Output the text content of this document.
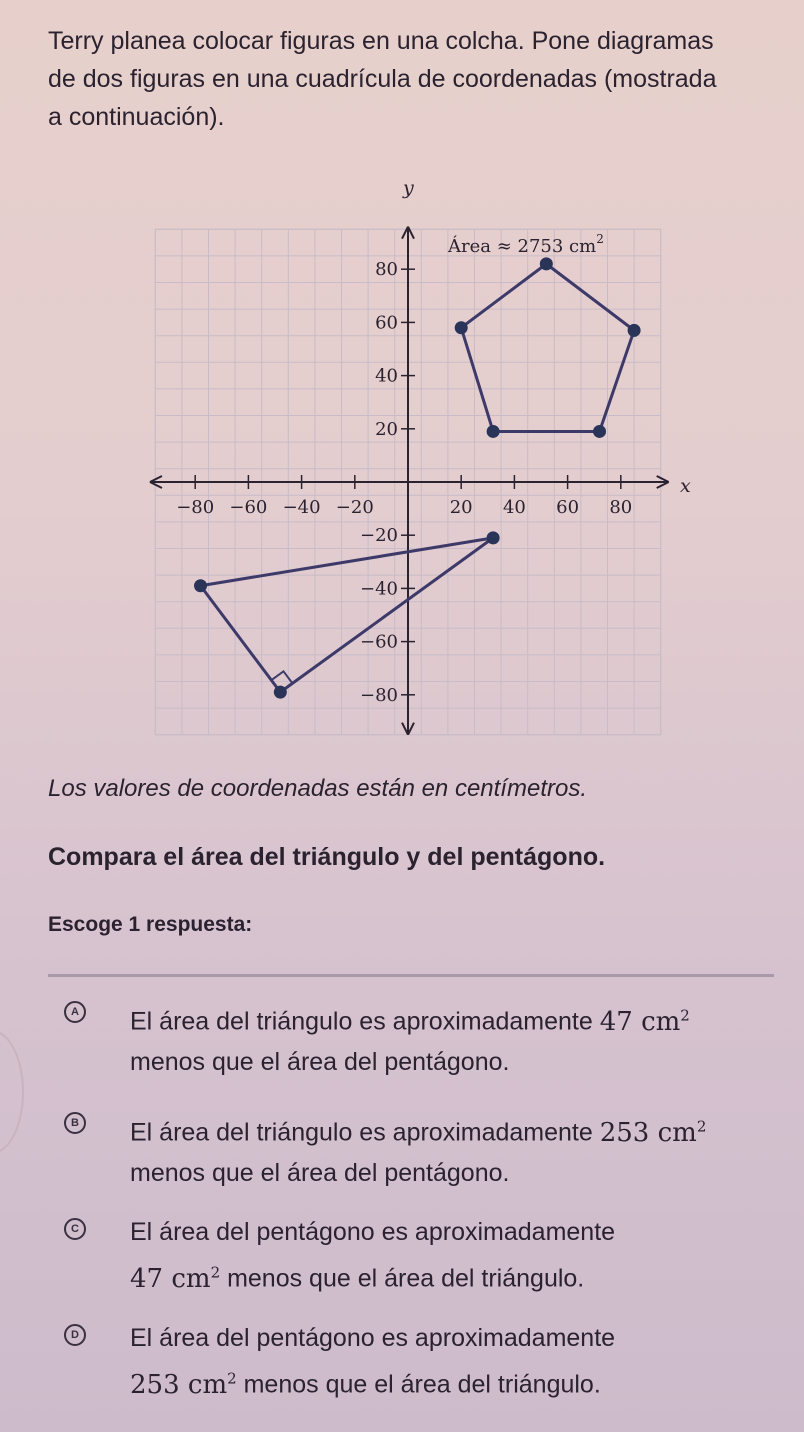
Terry planea colocar figuras en una colcha. Pone diagramas
de dos figuras en una cuadrícula de coordenadas (mostrada
a continuación).

−80 −60 −40 −20	20 40 60 80
80
60
40
20
−20
−40
−60
−80
y
x
Área ≈ 2753 $cm^2$

Los valores de coordenadas están en centímetros.

Compara el área del triángulo y del pentágono.

Escoge 1 respuesta:

A El área del triángulo es aproximadamente 47 $cm^2$
menos que el área del pentágono.
B El área del triángulo es aproximadamente 253 $cm^2$
menos que el área del pentágono.
C El área del pentágono es aproximadamente
47 $cm^2$ menos que el área del triángulo.
D El área del pentágono es aproximadamente
253 $cm^2$ menos que el área del triángulo.
